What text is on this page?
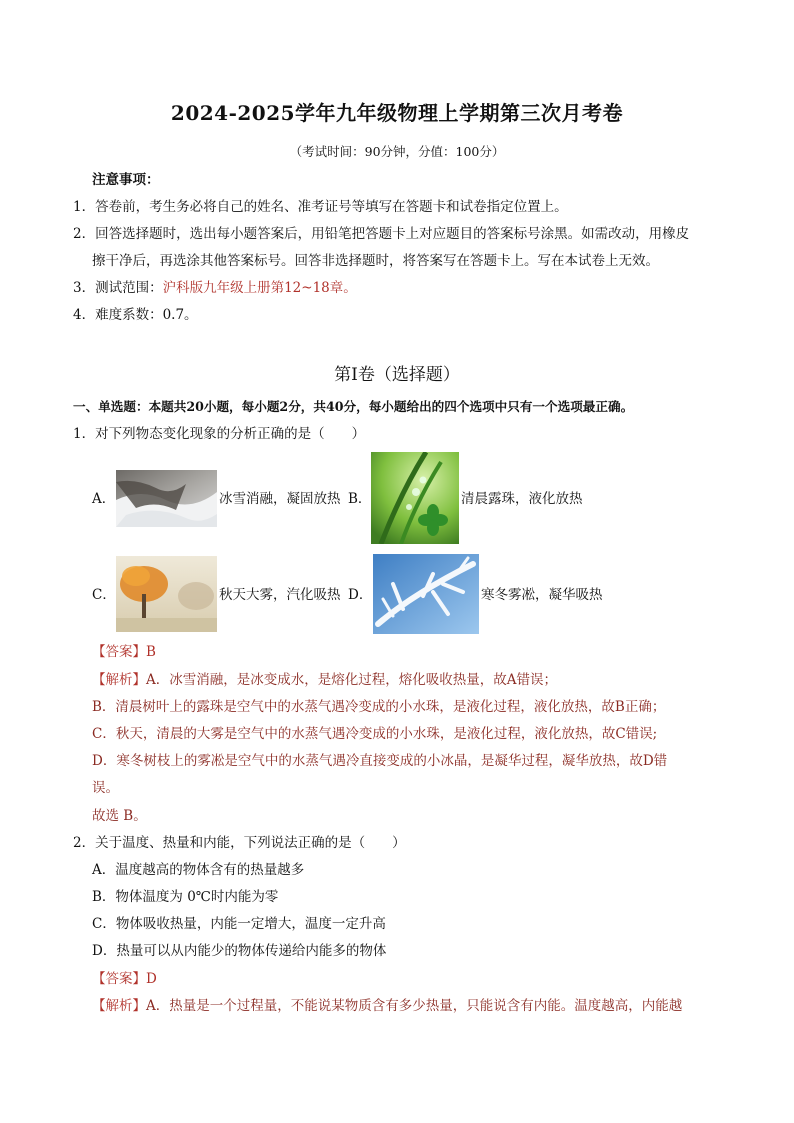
2024-2025学年九年级物理上学期第三次月考卷
（考试时间：90分钟，分值：100分）
注意事项：
1．答卷前，考生务必将自己的姓名、准考证号等填写在答题卡和试卷指定位置上。
2．回答选择题时，选出每小题答案后，用铅笔把答题卡上对应题目的答案标号涂黑。如需改动，用橡皮
擦干净后，再选涂其他答案标号。回答非选择题时，将答案写在答题卡上。写在本试卷上无效。
3．测试范围：沪科版九年级上册第12~18章。
4．难度系数：0.7。
第Ⅰ卷（选择题）
一、单选题：本题共20小题，每小题2分，共40分，每小题给出的四个选项中只有一个选项最正确。
1．对下列物态变化现象的分析正确的是（　　）
A．	冰雪消融，凝固放热 B．	清晨露珠，液化放热
C．	秋天大雾，汽化吸热 D．	寒冬雾凇，凝华吸热
【答案】B
【解析】A．冰雪消融，是冰变成水，是熔化过程，熔化吸收热量，故A错误；
B．清晨树叶上的露珠是空气中的水蒸气遇冷变成的小水珠，是液化过程，液化放热，故B正确；
C．秋天，清晨的大雾是空气中的水蒸气遇冷变成的小水珠，是液化过程，液化放热，故C错误;
D．寒冬树枝上的雾凇是空气中的水蒸气遇冷直接变成的小冰晶，是凝华过程，凝华放热，故D错
误。
故选 B。
2．关于温度、热量和内能，下列说法正确的是（　　）
A．温度越高的物体含有的热量越多
B．物体温度为 0℃时内能为零
C．物体吸收热量，内能一定增大，温度一定升高
D．热量可以从内能少的物体传递给内能多的物体
【答案】D
【解析】A．热量是一个过程量，不能说某物质含有多少热量，只能说含有内能。温度越高，内能越
